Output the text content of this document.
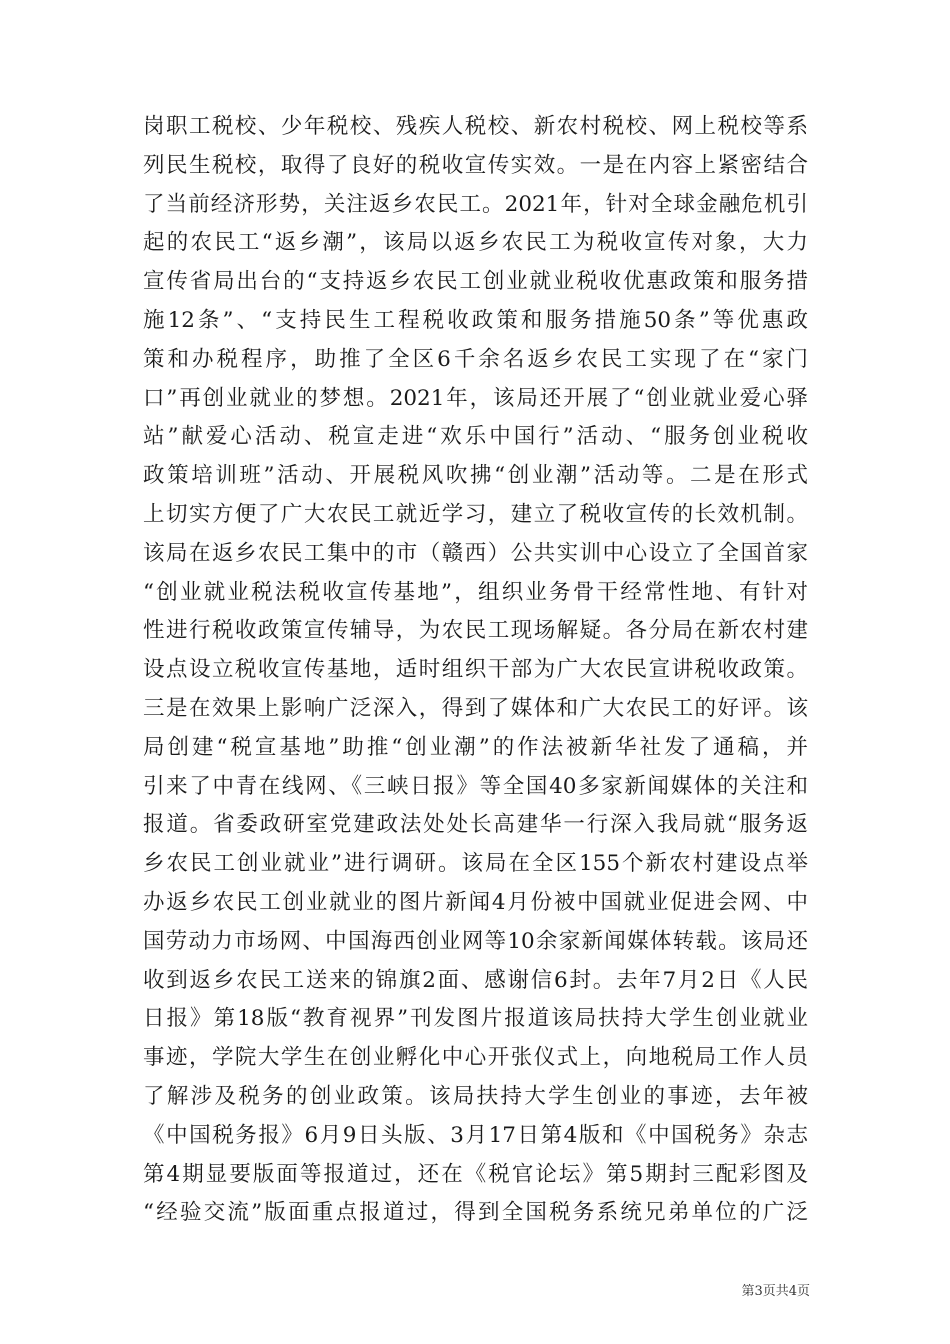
岗职工税校、少年税校、残疾人税校、新农村税校、网上税校等系
列民生税校，取得了良好的税收宣传实效。一是在内容上紧密结合
了当前经济形势，关注返乡农民工。2021年，针对全球金融危机引
起的农民工“返乡潮”，该局以返乡农民工为税收宣传对象，大力
宣传省局出台的“支持返乡农民工创业就业税收优惠政策和服务措
施12条”、“支持民生工程税收政策和服务措施50条”等优惠政
策和办税程序，助推了全区6千余名返乡农民工实现了在“家门
口”再创业就业的梦想。2021年，该局还开展了“创业就业爱心驿
站”献爱心活动、税宣走进“欢乐中国行”活动、“服务创业税收
政策培训班”活动、开展税风吹拂“创业潮”活动等。二是在形式
上切实方便了广大农民工就近学习，建立了税收宣传的长效机制。
该局在返乡农民工集中的市（赣西）公共实训中心设立了全国首家
“创业就业税法税收宣传基地”，组织业务骨干经常性地、有针对
性进行税收政策宣传辅导，为农民工现场解疑。各分局在新农村建
设点设立税收宣传基地，适时组织干部为广大农民宣讲税收政策。
三是在效果上影响广泛深入，得到了媒体和广大农民工的好评。该
局创建“税宣基地”助推“创业潮”的作法被新华社发了通稿，并
引来了中青在线网、《三峡日报》等全国40多家新闻媒体的关注和
报道。省委政研室党建政法处处长高建华一行深入我局就“服务返
乡农民工创业就业”进行调研。该局在全区155个新农村建设点举
办返乡农民工创业就业的图片新闻4月份被中国就业促进会网、中
国劳动力市场网、中国海西创业网等10余家新闻媒体转载。该局还
收到返乡农民工送来的锦旗2面、感谢信6封。去年7月2日《人民
日报》第18版“教育视界”刊发图片报道该局扶持大学生创业就业
事迹，学院大学生在创业孵化中心开张仪式上，向地税局工作人员
了解涉及税务的创业政策。该局扶持大学生创业的事迹，去年被
《中国税务报》6月9日头版、3月17日第4版和《中国税务》杂志
第4期显要版面等报道过，还在《税官论坛》第5期封三配彩图及
“经验交流”版面重点报道过，得到全国税务系统兄弟单位的广泛
第3页共4页
